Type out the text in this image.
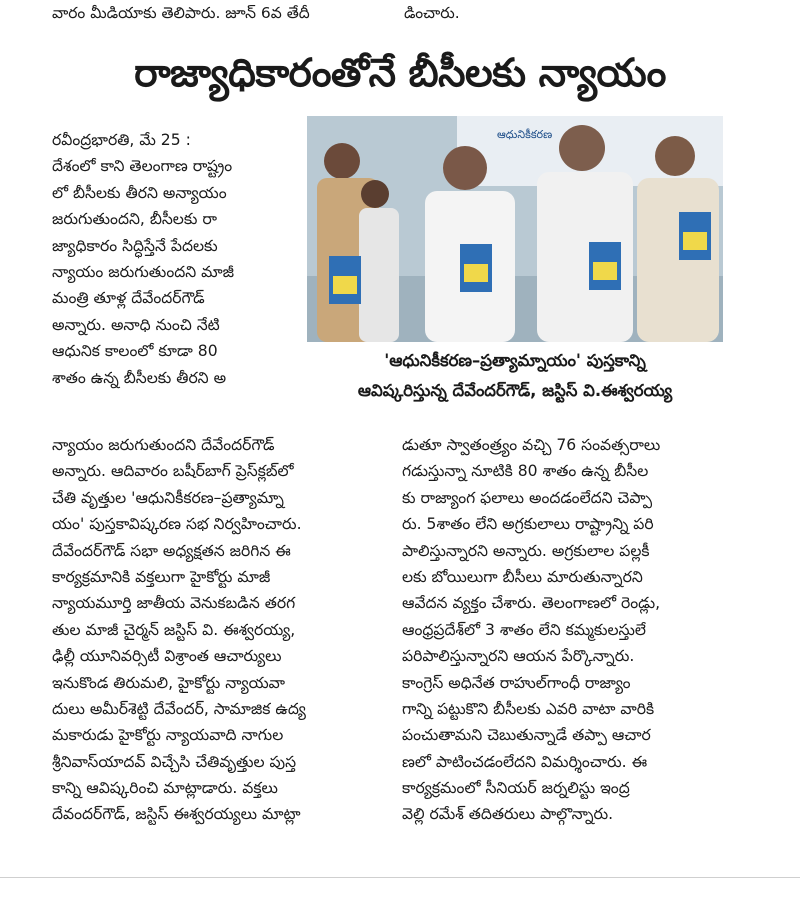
వారం మీడియాకు తెలిపారు. జూన్ 6వ తేదీ	డించారు.
రాజ్యాధికారంతోనే బీసీలకు న్యాయం
రవీంద్రభారతి, మే 25 :
దేశంలో కాని తెలంగాణ రాష్ట్రం
లో బీసీలకు తీరని అన్యాయం
జరుగుతుందని, బీసీలకు రా
జ్యాధికారం సిద్ధిస్తేనే పేదలకు
న్యాయం జరుగుతుందని మాజీ
మంత్రి తూళ్ల దేవేందర్‌గౌడ్
అన్నారు. అనాధి నుంచి నేటి
ఆధునిక కాలంలో కూడా 80
శాతం ఉన్న బీసీలకు తీరని అ
ఆధునికీకరణ
'ఆధునికీకరణ–ప్రత్యామ్నాయం' పుస్తకాన్ని
ఆవిష్కరిస్తున్న దేవేందర్‌గౌడ్, జస్టిస్ వి.ఈశ్వరయ్య
న్యాయం జరుగుతుందని దేవేందర్‌గౌడ్
అన్నారు. ఆదివారం బషీర్‌బాగ్ ప్రెస్‌క్లబ్‌లో
చేతి వృత్తుల 'ఆధునికీకరణ–ప్రత్యామ్నా
యం' పుస్తకావిష్కరణ సభ నిర్వహించారు.
దేవేందర్‌గౌడ్ సభా అధ్యక్షతన జరిగిన ఈ
కార్యక్రమానికి వక్తలుగా హైకోర్టు మాజీ
న్యాయమూర్తి జాతీయ వెనుకబడిన తరగ
తుల మాజీ చైర్మన్ జస్టిస్ వి. ఈశ్వరయ్య,
ఢిల్లీ యూనివర్సిటీ విశ్రాంత ఆచార్యులు
ఇనుకొండ తిరుమలి, హైకోర్టు న్యాయవా
దులు అమీర్‌శెట్టి దేవేందర్, సామాజిక ఉద్య
మకారుడు హైకోర్టు న్యాయవాది నాగుల
శ్రీనివాస్‌యాదవ్ విచ్చేసి చేతివృత్తుల పుస్త
కాన్ని ఆవిష్కరించి మాట్లాడారు. వక్తలు
దేవందర్‌గౌడ్, జస్టిస్ ఈశ్వరయ్యలు మాట్లా
డుతూ స్వాతంత్ర్యం వచ్చి 76 సంవత్సరాలు
గడుస్తున్నా నూటికి 80 శాతం ఉన్న బీసీల
కు రాజ్యాంగ ఫలాలు అందడంలేదని చెప్పా
రు. 5శాతం లేని అగ్రకులాలు రాష్ట్రాన్ని పరి
పాలిస్తున్నారని అన్నారు. అగ్రకులాల పల్లకీ
లకు బోయిలుగా బీసీలు మారుతున్నారని
ఆవేదన వ్యక్తం చేశారు. తెలంగాణలో రెండ్లు,
ఆంధ్రప్రదేశ్‌లో 3 శాతం లేని కమ్మకులస్తులే
పరిపాలిస్తున్నారని ఆయన పేర్కొన్నారు.
కాంగ్రెస్ అధినేత రాహుల్‌గాంధీ రాజ్యాం
గాన్ని పట్టుకొని బీసీలకు ఎవరి వాటా వారికి
పంచుతామని చెబుతున్నాడే తప్పా ఆచార
ణలో పాటించడంలేదని విమర్శించారు. ఈ
కార్యక్రమంలో సీనియర్ జర్నలిస్టు ఇంద్ర
వెల్లి రమేశ్ తదితరులు పాల్గొన్నారు.
